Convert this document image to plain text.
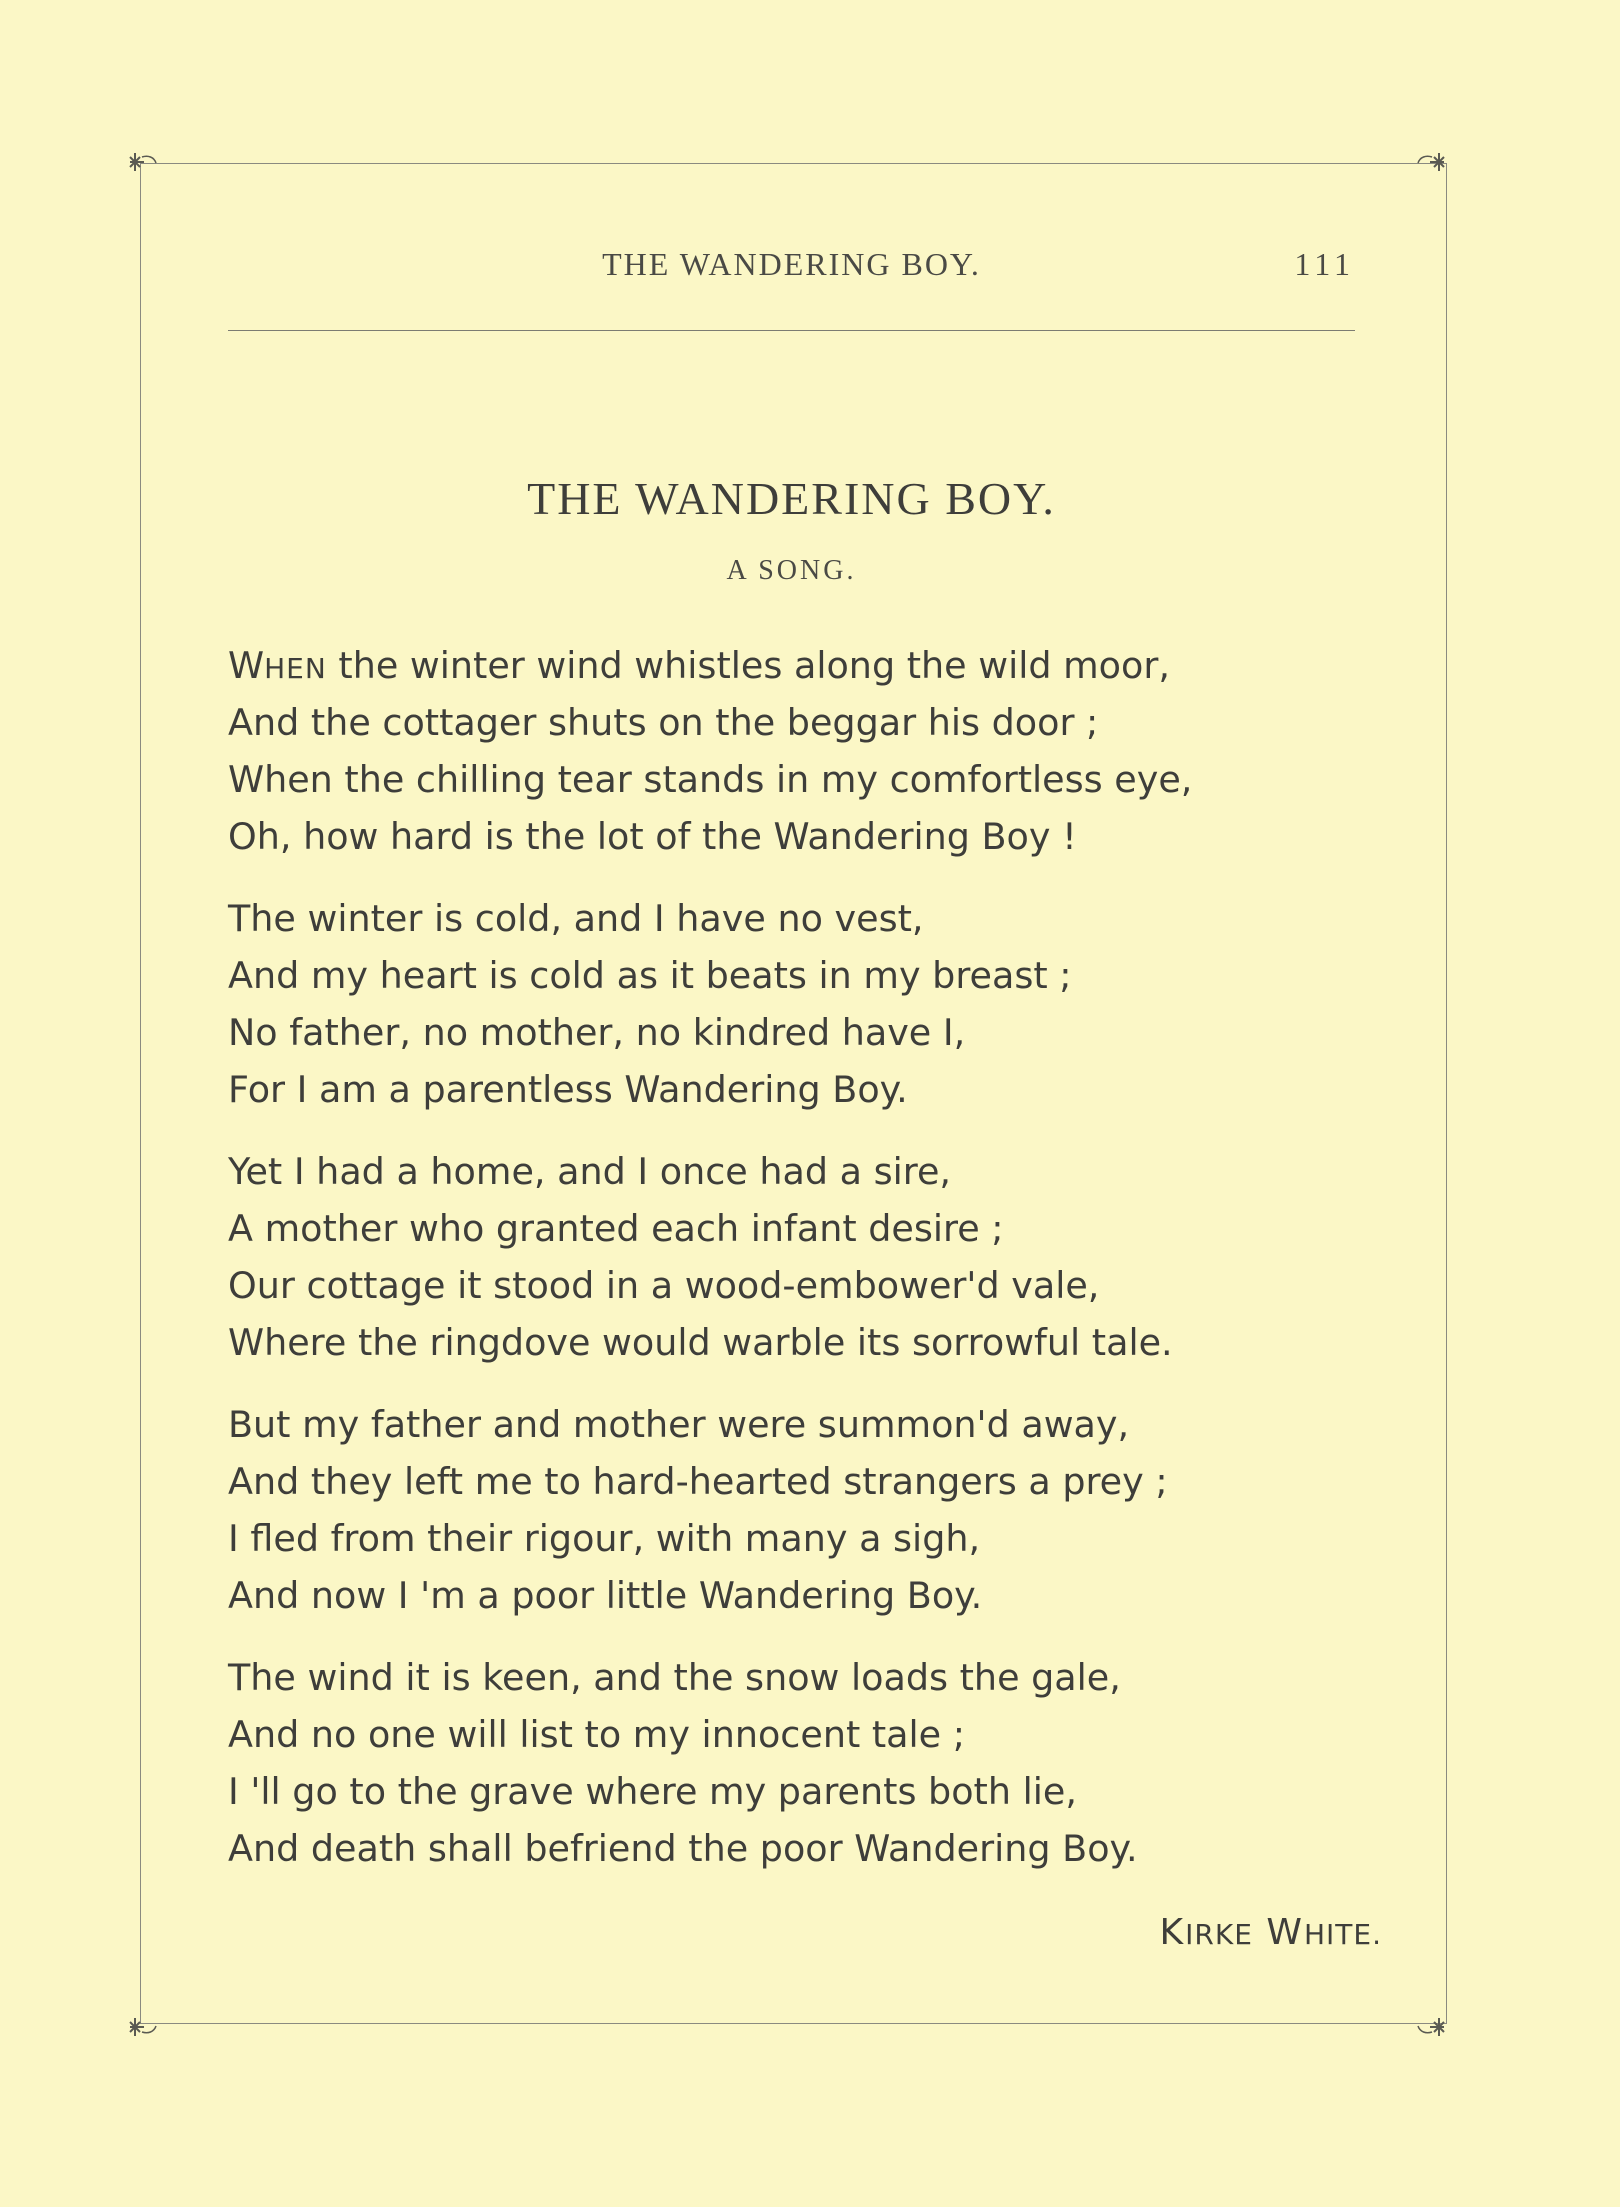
THE WANDERING BOY.	111
THE WANDERING BOY.
A SONG.
WHEN the winter wind whistles along the wild moor,
And the cottager shuts on the beggar his door ;
When the chilling tear stands in my comfortless eye,
Oh, how hard is the lot of the Wandering Boy !
The winter is cold, and I have no vest,
And my heart is cold as it beats in my breast ;
No father, no mother, no kindred have I,
For I am a parentless Wandering Boy.
Yet I had a home, and I once had a sire,
A mother who granted each infant desire ;
Our cottage it stood in a wood-embower'd vale,
Where the ringdove would warble its sorrowful tale.
But my father and mother were summon'd away,
And they left me to hard-hearted strangers a prey ;
I fled from their rigour, with many a sigh,
And now I 'm a poor little Wandering Boy.
The wind it is keen, and the snow loads the gale,
And no one will list to my innocent tale ;
I 'll go to the grave where my parents both lie,
And death shall befriend the poor Wandering Boy.
KIRKE WHITE.
